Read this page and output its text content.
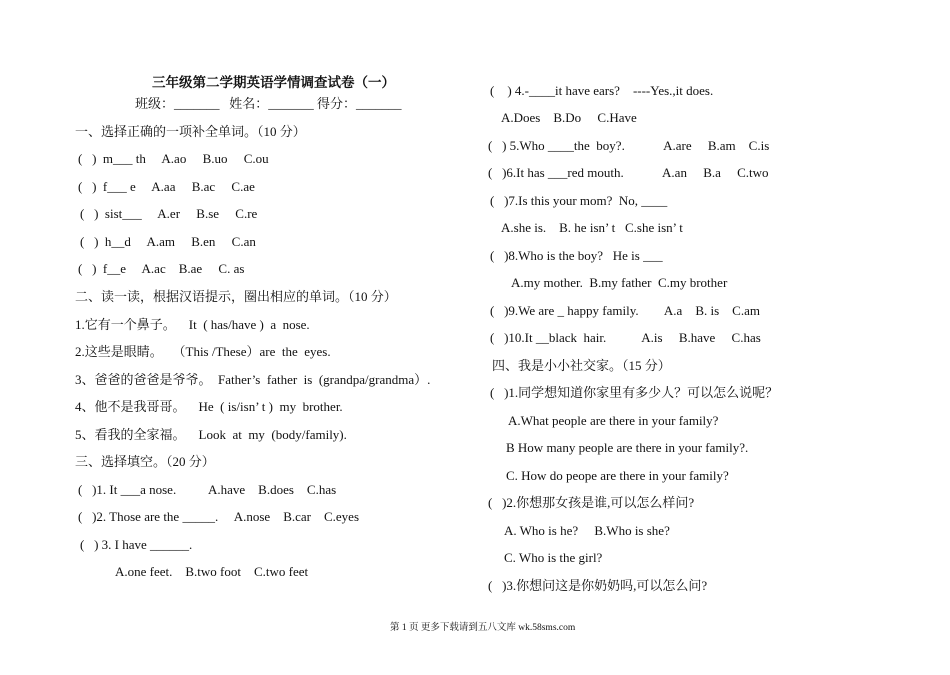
三年级第二学期英语学情调查试卷（一）
班级：_______   姓名：_______ 得分：_______
一、选择正确的一项补全单词。（10 分）
(   )  m___ th     A.ao     B.uo     C.ou
(   )  f___ e     A.aa     B.ac     C.ae
(   )  sist___     A.er     B.se     C.re
(   )  h__d     A.am     B.en     C.an
(   )  f__e     A.ac    B.ae     C. as
二、读一读，根据汉语提示，圈出相应的单词。（10 分）
1.它有一个鼻子。    It  ( has/have )  a  nose.
2.这些是眼睛。   （This /These）are  the  eyes.
3、爸爸的爸爸是爷爷。  Father’s  father  is  (grandpa/grandma）.
4、他不是我哥哥。    He  ( is/isn’ t )  my  brother.
5、看我的全家福。    Look  at  my  (body/family).
三、选择填空。（20 分）
(   )1. It ___a nose.          A.have    B.does    C.has
(   )2. Those are the _____.     A.nose    B.car    C.eyes
(   ) 3. I have ______.
A.one feet.    B.two foot    C.two feet
(    ) 4.-____it have ears?    ----Yes.,it does.
A.Does    B.Do     C.Have
(   ) 5.Who ____the  boy?.            A.are     B.am    C.is
(   )6.It has ___red mouth.            A.an     B.a     C.two
(   )7.Is this your mom?  No, ____
A.she is.    B. he isn’ t   C.she isn’ t
(   )8.Who is the boy?   He is ___
A.my mother.  B.my father  C.my brother
(   )9.We are _ happy family.        A.a    B. is    C.am
(   )10.It __black  hair.           A.is     B.have     C.has
四、我是小小社交家。（15 分）
(   )1.同学想知道你家里有多少人？可以怎么说呢？
A.What people are there in your family?
B How many people are there in your family?.
C. How do peope are there in your family?
(   )2.你想那女孩是谁,可以怎么样问?
A. Who is he?     B.Who is she?
C. Who is the girl?
(   )3.你想问这是你奶奶吗,可以怎么问?
第 1 页 更多下载请到五八文库 wk.58sms.com
